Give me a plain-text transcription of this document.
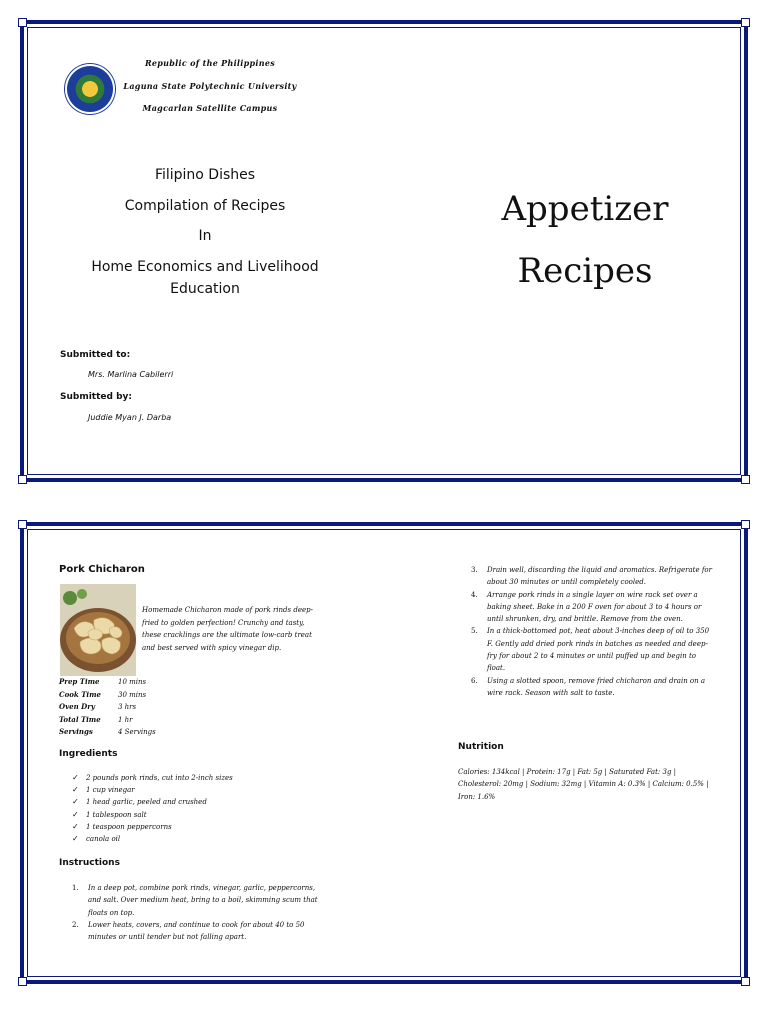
Republic of the Philippines
Laguna State Polytechnic University
Magcarlan Satellite Campus
Filipino Dishes
Compilation of Recipes
In
Home Economics and Livelihood
Education
Appetizer
Recipes
Submitted to:
Mrs. Marlina Cabilerri
Submitted by:
Juddie Myan J. Darba
Pork Chicharon
Homemade Chicharon made of pork rinds deep-fried to golden perfection! Crunchy and tasty, these cracklings are the ultimate low-carb treat and best served with spicy vinegar dip.
Prep Time	10 mins
Cook Time 30 mins
Oven Dry	3 hrs
Total Time 1 hr
Servings	4 Servings
Ingredients
✓ 2 pounds pork rinds, cut into 2-inch sizes
✓ 1 cup vinegar
✓ 1 head garlic, peeled and crushed
✓ 1 tablespoon salt
✓ 1 teaspoon peppercorns
✓ canola oil
Instructions
1. In a deep pot, combine pork rinds, vinegar, garlic, peppercorns, and salt. Over medium heat, bring to a boil, skimming scum that floats on top.
2. Lower heats, covers, and continue to cook for about 40 to 50 minutes or until tender but not falling apart.
3. Drain well, discarding the liquid and aromatics. Refrigerate for about 30 minutes or until completely cooled.
4. Arrange pork rinds in a single layer on wire rack set over a baking sheet. Bake in a 200 F oven for about 3 to 4 hours or until shrunken, dry, and brittle. Remove from the oven.
5. In a thick-bottomed pot, heat about 3-inches deep of oil to 350 F. Gently add dried pork rinds in batches as needed and deep-fry for about 2 to 4 minutes or until puffed up and begin to float.
6. Using a slotted spoon, remove fried chicharon and drain on a wire rack. Season with salt to taste.
Nutrition
Calories: 134kcal | Protein: 17g | Fat: 5g | Saturated Fat: 3g | Cholesterol: 20mg | Sodium: 32mg | Vitamin A: 0.3% | Calcium: 0.5% | Iron: 1.6%
